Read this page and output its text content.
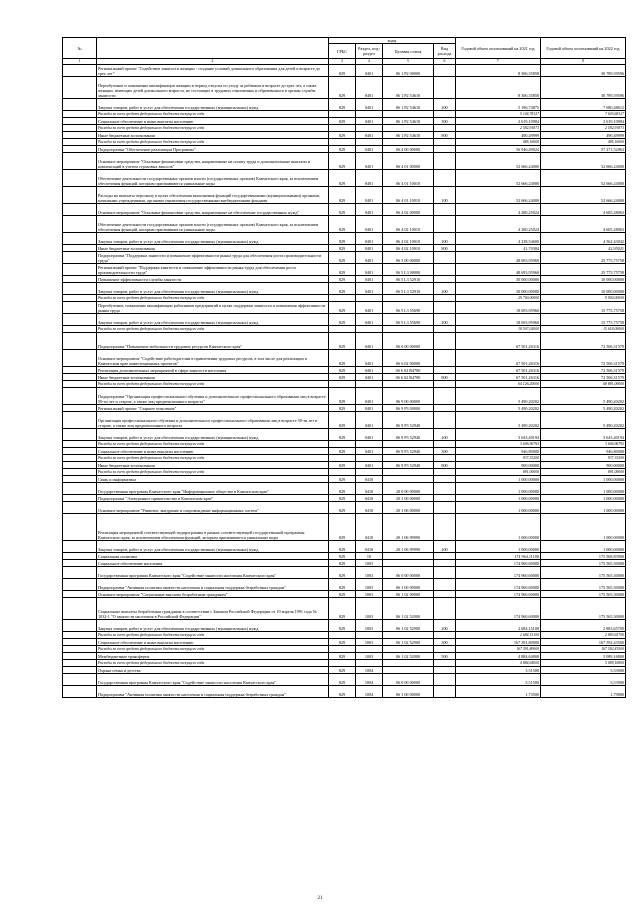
№		коды				Годовой объем ассигнований на 2021 год	Годовой объем ассигнований на 2022 год
		ГРБС	Раздел, под-раздел	Целевая статья	Вид расхода		
1	2	3	4	5	6	7	8
	Региональный проект "Содействие занятости женщин - создание условий дошкольного образования для детей в возрасте до трех лет"	829	0401	06 1 P2 00000		8 306,35858	30 789,59596
	Переобучение и повышение квалификации женщин в период отпуска по уходу за ребенком в возрасте до трех лет, а также женщин, имеющих детей дошкольного возраста, не состоящих в трудовых отношениях и обратившихся в органы службы занятости	829	0401	06 1 P2 54610		8 306,35858	30 789,59596
	Закупка товаров, работ и услуг для обеспечения государственных (муниципальных) нужд	829	0401	06 1 P2 54610	200	5 196,74875	7 680,48612
	Расходы за счет средств федерального бюджета текущего года					5 144,78127	7 603,68127
	Социальное обеспечение и иные выплаты населению	829	0401	06 1 P2 54610	300	2 619,10984	2 619,10984
	Расходы за счет средств федерального бюджета текущего года					2 592,91873	2 592,91873
	Иные бюджетные ассигнования	829	0401	06 1 P2 54610	800	490,49999	490,49999
	Расходы за счет средств федерального бюджета текущего года					485,16000	485,16000
	Подпрограмма "Обеспечение реализации Программы"	829	0401	06 4 00 00000		56 946,49024	57 271,52063
	Основное мероприятие "Основные финансовые средства, направленные на оплату труда и дополнительные выплаты и компенсаций в учетом страховых взносов"	829	0401	06 4 01 00000		52 666,24000	52 666,24000
	Обеспечение деятельности государственных органов власти (государственных органов) Камчатского края, за исключением обеспечения функций, которым присваиваются уникальные коды	829	0401	06 4 01 10010		52 666,24000	52 666,24000
	Расходы на выплаты персоналу в целях обеспечения выполнения функций государственными (муниципальными) органами, казенными учреждениями, органами управления государственными внебюджетными фондами	829	0401	06 4 01 10010	100	52 666,24000	52 666,24000
	Основное мероприятие "Основные финансовые средства, направленные на обеспечение государственных нужд"	829	0401	06 4 02 00000		4 280,25024	4 605,28063
	Обеспечение деятельности государственных органов власти (государственных органов) Камчатского края, за исключением обеспечения функций, которым присваиваются уникальные коды	829	0401	06 4 02 10010		4 280,25024	4 605,28063
	Закупка товаров, работ и услуг для обеспечения государственных (муниципальных) нужд	829	0401	06 4 02 10010	200	4 238,54600	4 562,43042
	Иные бюджетные ассигнования	829	0401	06 4 02 10010	800	41,70384	42,95021
	Подпрограмма "Поддержка занятости и повышение эффективности рынка труда для обеспечения роста производительности труда"	829	0401	06 5 00 00000		48 693,95960	25 775,75758
	Региональный проект "Поддержка занятости и повышение эффективности рынка труда для обеспечения роста производительности труда"	829	0401	06 5 L3 00000		48 693,95960	25 775,75758
	Повышение эффективности службы занятости	829	0401	06 5 L3 52910		30 000,00000	10 000,00000
	Закупка товаров, работ и услуг для обеспечения государственных (муниципальных) нужд	829	0401	06 5 L3 52910	200	30 000,00000	10 000,00000
	Расходы за счет средств федерального бюджета текущего года					29 700,00000	9 900,00000
	Переобучение, повышение квалификации работников предприятий в целях поддержки занятости и повышения эффективности рынка труда	829	0401	06 5 L3 55690		18 693,95960	15 775,75758
	Закупка товаров, работ и услуг для обеспечения государственных (муниципальных) нужд	829	0401	06 5 L3 55690	200	18 693,95960	15 775,75758
	Расходы за счет средств федерального бюджета текущего года					18 507,02000	15 618,00000
	Подпрограмма "Повышение мобильности трудовых ресурсов Камчатского края"	829	0401	06 6 00 00000		67 501,26316	72 506,31579
	Основное мероприятие "Содействие работодателям в привлечении трудовых ресурсов, в том числе для реализации в Камчатском крае инвестиционных проектов"	829	0401	06 6 02 00000		67 501,26316	72 506,31579
	Реализация дополнительных мероприятий в сфере занятости населения	829	0401	06 6 02 R4780		67 501,26316	72 506,31579
	Иные бюджетные ассигнования	829	0401	06 6 02 R4780	800	67 501,26316	72 506,31579
	Расходы за счет средств федерального бюджета текущего года					64 126,20000	68 881,00000
	Подпрограмма "Организация профессионального обучения и дополнительного профессионального образования лиц в возрасте 50-ти лет и старше, а также лиц предпенсионного возраста"	829	0401	06 9 00 00000		5 490,20202	5 490,20202
	Региональный проект "Старшее поколение"	829	0401	06 9 P3 00000		5 490,20202	5 490,20202
	Организация профессионального обучения и дополнительного профессионального образования лиц в возрасте 50-ти лет и старше, а также лиц предпенсионного возраста	829	0401	06 9 P3 52940		5 490,20202	5 490,20202
	Закупка товаров, работ и услуг для обеспечения государственных (муниципальных) нужд	829	0401	06 9 P3 52940	200	3 643,40194	3 643,40194
	Расходы за счет средств федерального бюджета текущего года					3 606,96792	3 606,96792
	Социальное обеспечение и иные выплаты населению	829	0401	06 9 P3 52940	300	946,80000	946,80000
	Расходы за счет средств федерального бюджета текущего года					937,33200	937,33200
	Иные бюджетные ассигнования	829	0401	06 9 P3 52940	800	900,00000	900,00000
	Расходы за счет средств федерального бюджета текущего года					891,00000	891,00000
	Связь и информатика	829	0410			1 000,00000	1 000,00000
	Государственная программа Камчатского края "Информационное общество в Камчатском крае"	829	0410	20 0 00 00000		1 000,00000	1 000,00000
	Подпрограмма "Электронное правительство в Камчатском крае"	829	0410	20 1 00 00000		1 000,00000	1 000,00000
	Основное мероприятие "Развитие, внедрение и сопровождение информационных систем"	829	0410	20 1 06 00000		1 000,00000	1 000,00000
	Реализация мероприятий соответствующей подпрограммы в рамках соответствующей государственной программы Камчатского края, за исключением обеспечения функций, которым присваиваются уникальные коды	829	0410	20 1 06 99990		1 000,00000	1 000,00000
	Закупка товаров, работ и услуг для обеспечения государственных (муниципальных) нужд	829	0410	20 1 06 99990	200	1 000,00000	1 000,00000
	Социальная политика	829	10			174 964,11100	175 568,83900
	Социальное обеспечение населения	829	1003			174 960,60000	175 565,30000
	Государственная программа Камчатского края "Содействие занятости населения Камчатского края"	829	1003	06 0 00 00000		174 960,60000	175 565,30000
	Подпрограмма "Активная политика занятости населения и социальная поддержка безработных граждан"	829	1003	06 1 00 00000		174 960,60000	175 565,30000
	Основное мероприятие "Социальные выплаты безработным гражданам"	829	1003	06 1 02 00000		174 960,60000	175 565,30000
	Социальные выплаты безработным гражданам в соответствии с Законом Российской Федерации от 19 апреля 1991 года № 1032-1 "О занятости населения в Российской Федерации"	829	1003	06 1 02 52900		174 960,60000	175 565,30000
	Закупка товаров, работ и услуг для обеспечения государственных (муниципальных) нужд	829	1003	06 1 02 52900	200	2 684,15100	2 883,65700
	Расходы за счет средств федерального бюджета текущего года					2 684,15100	2 883,65700
	Социальное обеспечение и иные выплаты населению	829	1003	06 1 02 52900	300	167 391,80000	167 592,43500
	Расходы за счет средств федерального бюджета текущего года					167 391,80000	167 592,43500
	Межбюджетные трансферты	829	1003	06 1 02 52900	500	4 884,64000	5 089,16800
	Расходы за счет средств федерального бюджета текущего года					4 884,64000	5 089,16800
	Охрана семьи и детства	829	1004			3,51500	3,53900
	Государственная программа Камчатского края "Содействие занятости населения Камчатского края"	829	1004	06 0 00 00000		3,51500	3,53900
	Подпрограмма "Активная политика занятости населения и социальная поддержка безработных граждан"	829	1004	06 1 00 00000		1,73500	1,79800
21
